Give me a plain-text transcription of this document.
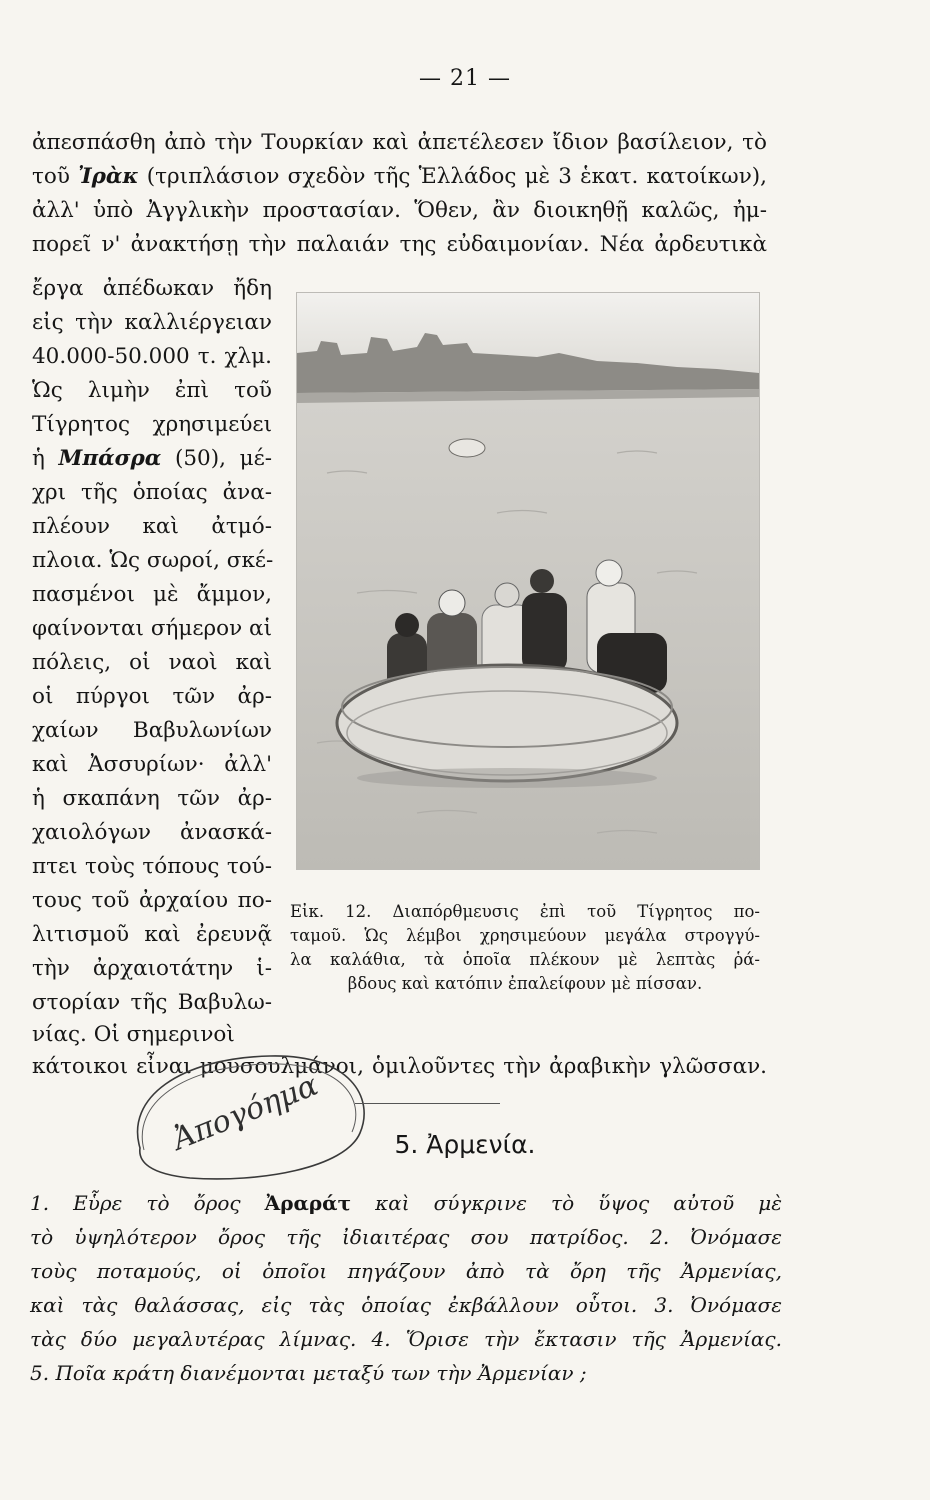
— 21 —
ἀπεσπάσθη ἀπὸ τὴν Τουρκίαν καὶ ἀπετέλεσεν ἴδιον βασίλειον, τὸ
τοῦ Ἰρὰκ (τριπλάσιον σχεδὸν τῆς Ἑλλάδος μὲ 3 ἑκατ. κατοίκων),
ἀλλ' ὑπὸ Ἀγγλικὴν προστασίαν. Ὅθεν, ἂν διοικηθῇ καλῶς, ἠμ-
πορεῖ ν' ἀνακτήσῃ τὴν παλαιάν της εὐδαιμονίαν. Νέα ἀρδευτικὰ
ἔργα ἀπέδωκαν ἤδη
εἰς τὴν καλλιέργειαν
40.000-50.000 τ. χλμ.
Ὡς λιμὴν ἐπὶ τοῦ
Τίγρητος χρησιμεύει
ἡ Μπάσρα (50), μέ-
χρι τῆς ὁποίας ἀνα-
πλέουν καὶ ἀτμό-
πλοια. Ὡς σωροί, σκέ-
πασμένοι μὲ ἄμμον,
φαίνονται σήμερον αἱ
πόλεις, οἱ ναοὶ καὶ
οἱ πύργοι τῶν ἀρ-
χαίων Βαβυλωνίων
καὶ Ἀσσυρίων· ἀλλ'
ἡ σκαπάνη τῶν ἀρ-
χαιολόγων ἀνασκά-
πτει τοὺς τόπους τού-
τους τοῦ ἀρχαίου πο-
λιτισμοῦ καὶ ἐρευνᾷ
τὴν ἀρχαιοτάτην ἱ-
στορίαν τῆς Βαβυλω-
νίας. Οἱ σημερινοὶ
κάτοικοι εἶναι μουσουλμάνοι, ὁμιλοῦντες τὴν ἀραβικὴν γλῶσσαν.
Εἰκ. 12. Διαπόρθμευσις ἐπὶ τοῦ Τίγρητος πο-
ταμοῦ. Ὡς λέμβοι χρησιμεύουν μεγάλα στρογγύ-
λα καλάθια, τὰ ὁποῖα πλέκουν μὲ λεπτὰς ῥά-
βδους καὶ κατόπιν ἐπαλείφουν μὲ πίσσαν.
Ἀπογόημα	5. Ἀρμενία.
1. Εὗρε τὸ ὄρος Ἀραράτ καὶ σύγκρινε τὸ ὕψος αὐτοῦ μὲ
τὸ ὑψηλότερον ὄρος τῆς ἰδιαιτέρας σου πατρίδος. 2. Ὀνόμασε
τοὺς ποταμούς, οἱ ὁποῖοι πηγάζουν ἀπὸ τὰ ὄρη τῆς Ἀρμενίας,
καὶ τὰς θαλάσσας, εἰς τὰς ὁποίας ἐκβάλλουν οὗτοι. 3. Ὀνόμασε
τὰς δύο μεγαλυτέρας λίμνας. 4. Ὅρισε τὴν ἔκτασιν τῆς Ἀρμενίας.
5. Ποῖα κράτη διανέμονται μεταξύ των τὴν Ἀρμενίαν ;
